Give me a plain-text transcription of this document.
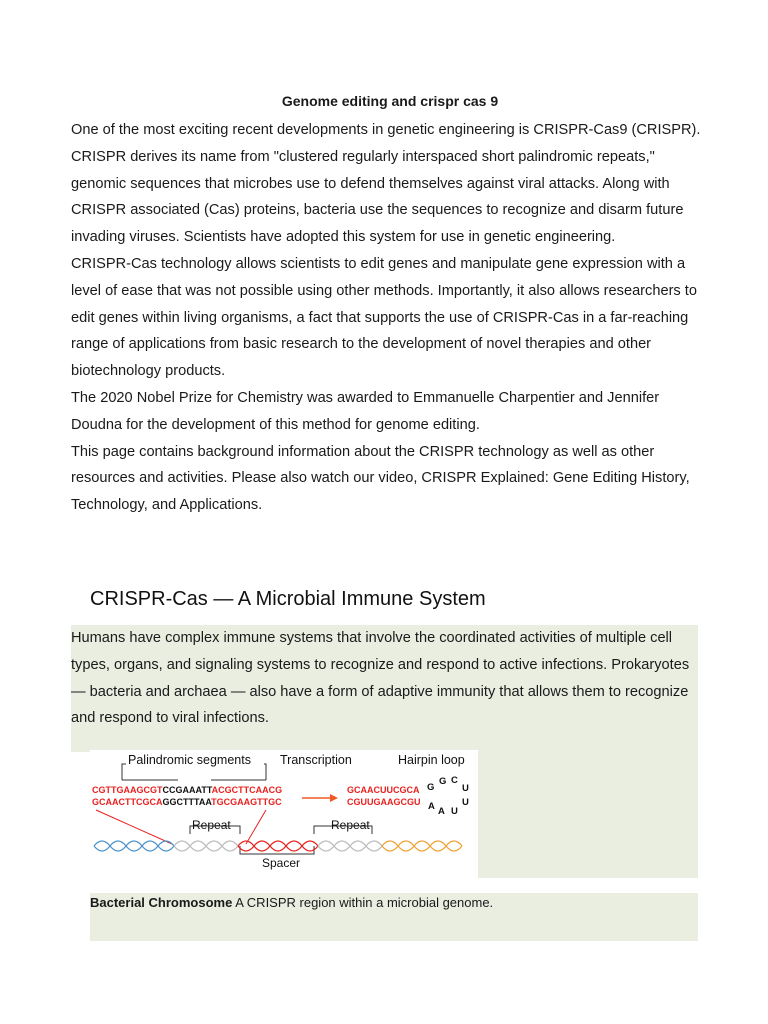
Genome editing and crispr cas 9

One of the most exciting recent developments in genetic engineering is CRISPR-Cas9 (CRISPR). CRISPR derives its name from "clustered regularly interspaced short palindromic repeats," genomic sequences that microbes use to defend themselves against viral attacks. Along with CRISPR associated (Cas) proteins, bacteria use the sequences to recognize and disarm future invading viruses. Scientists have adopted this system for use in genetic engineering.

CRISPR-Cas technology allows scientists to edit genes and manipulate gene expression with a level of ease that was not possible using other methods. Importantly, it also allows researchers to edit genes within living organisms, a fact that supports the use of CRISPR-Cas in a far-reaching range of applications from basic research to the development of novel therapies and other biotechnology products.

The 2020 Nobel Prize for Chemistry was awarded to Emmanuelle Charpentier and Jennifer Doudna for the development of this method for genome editing.

This page contains background information about the CRISPR technology as well as other resources and activities. Please also watch our video, CRISPR Explained: Gene Editing History, Technology, and Applications.

CRISPR-Cas — A Microbial Immune System

Humans have complex immune systems that involve the coordinated activities of multiple cell types, organs, and signaling systems to recognize and respond to active infections. Prokaryotes — bacteria and archaea — also have a form of adaptive immunity that allows them to recognize and respond to viral infections.

Palindromic segments Transcription	Hairpin loop
CGTTGAAGCGTCCGAAATTACGCTTCAACG
GCAACTTCGCAGGCTTTAATGCGAAGTTGC
GCAACUUCGCA
CGUUGAAGCGU
G
G C
U
U
U
A
A
Repeat	Repeat
Spacer
Bacterial Chromosome A CRISPR region within a microbial genome.
